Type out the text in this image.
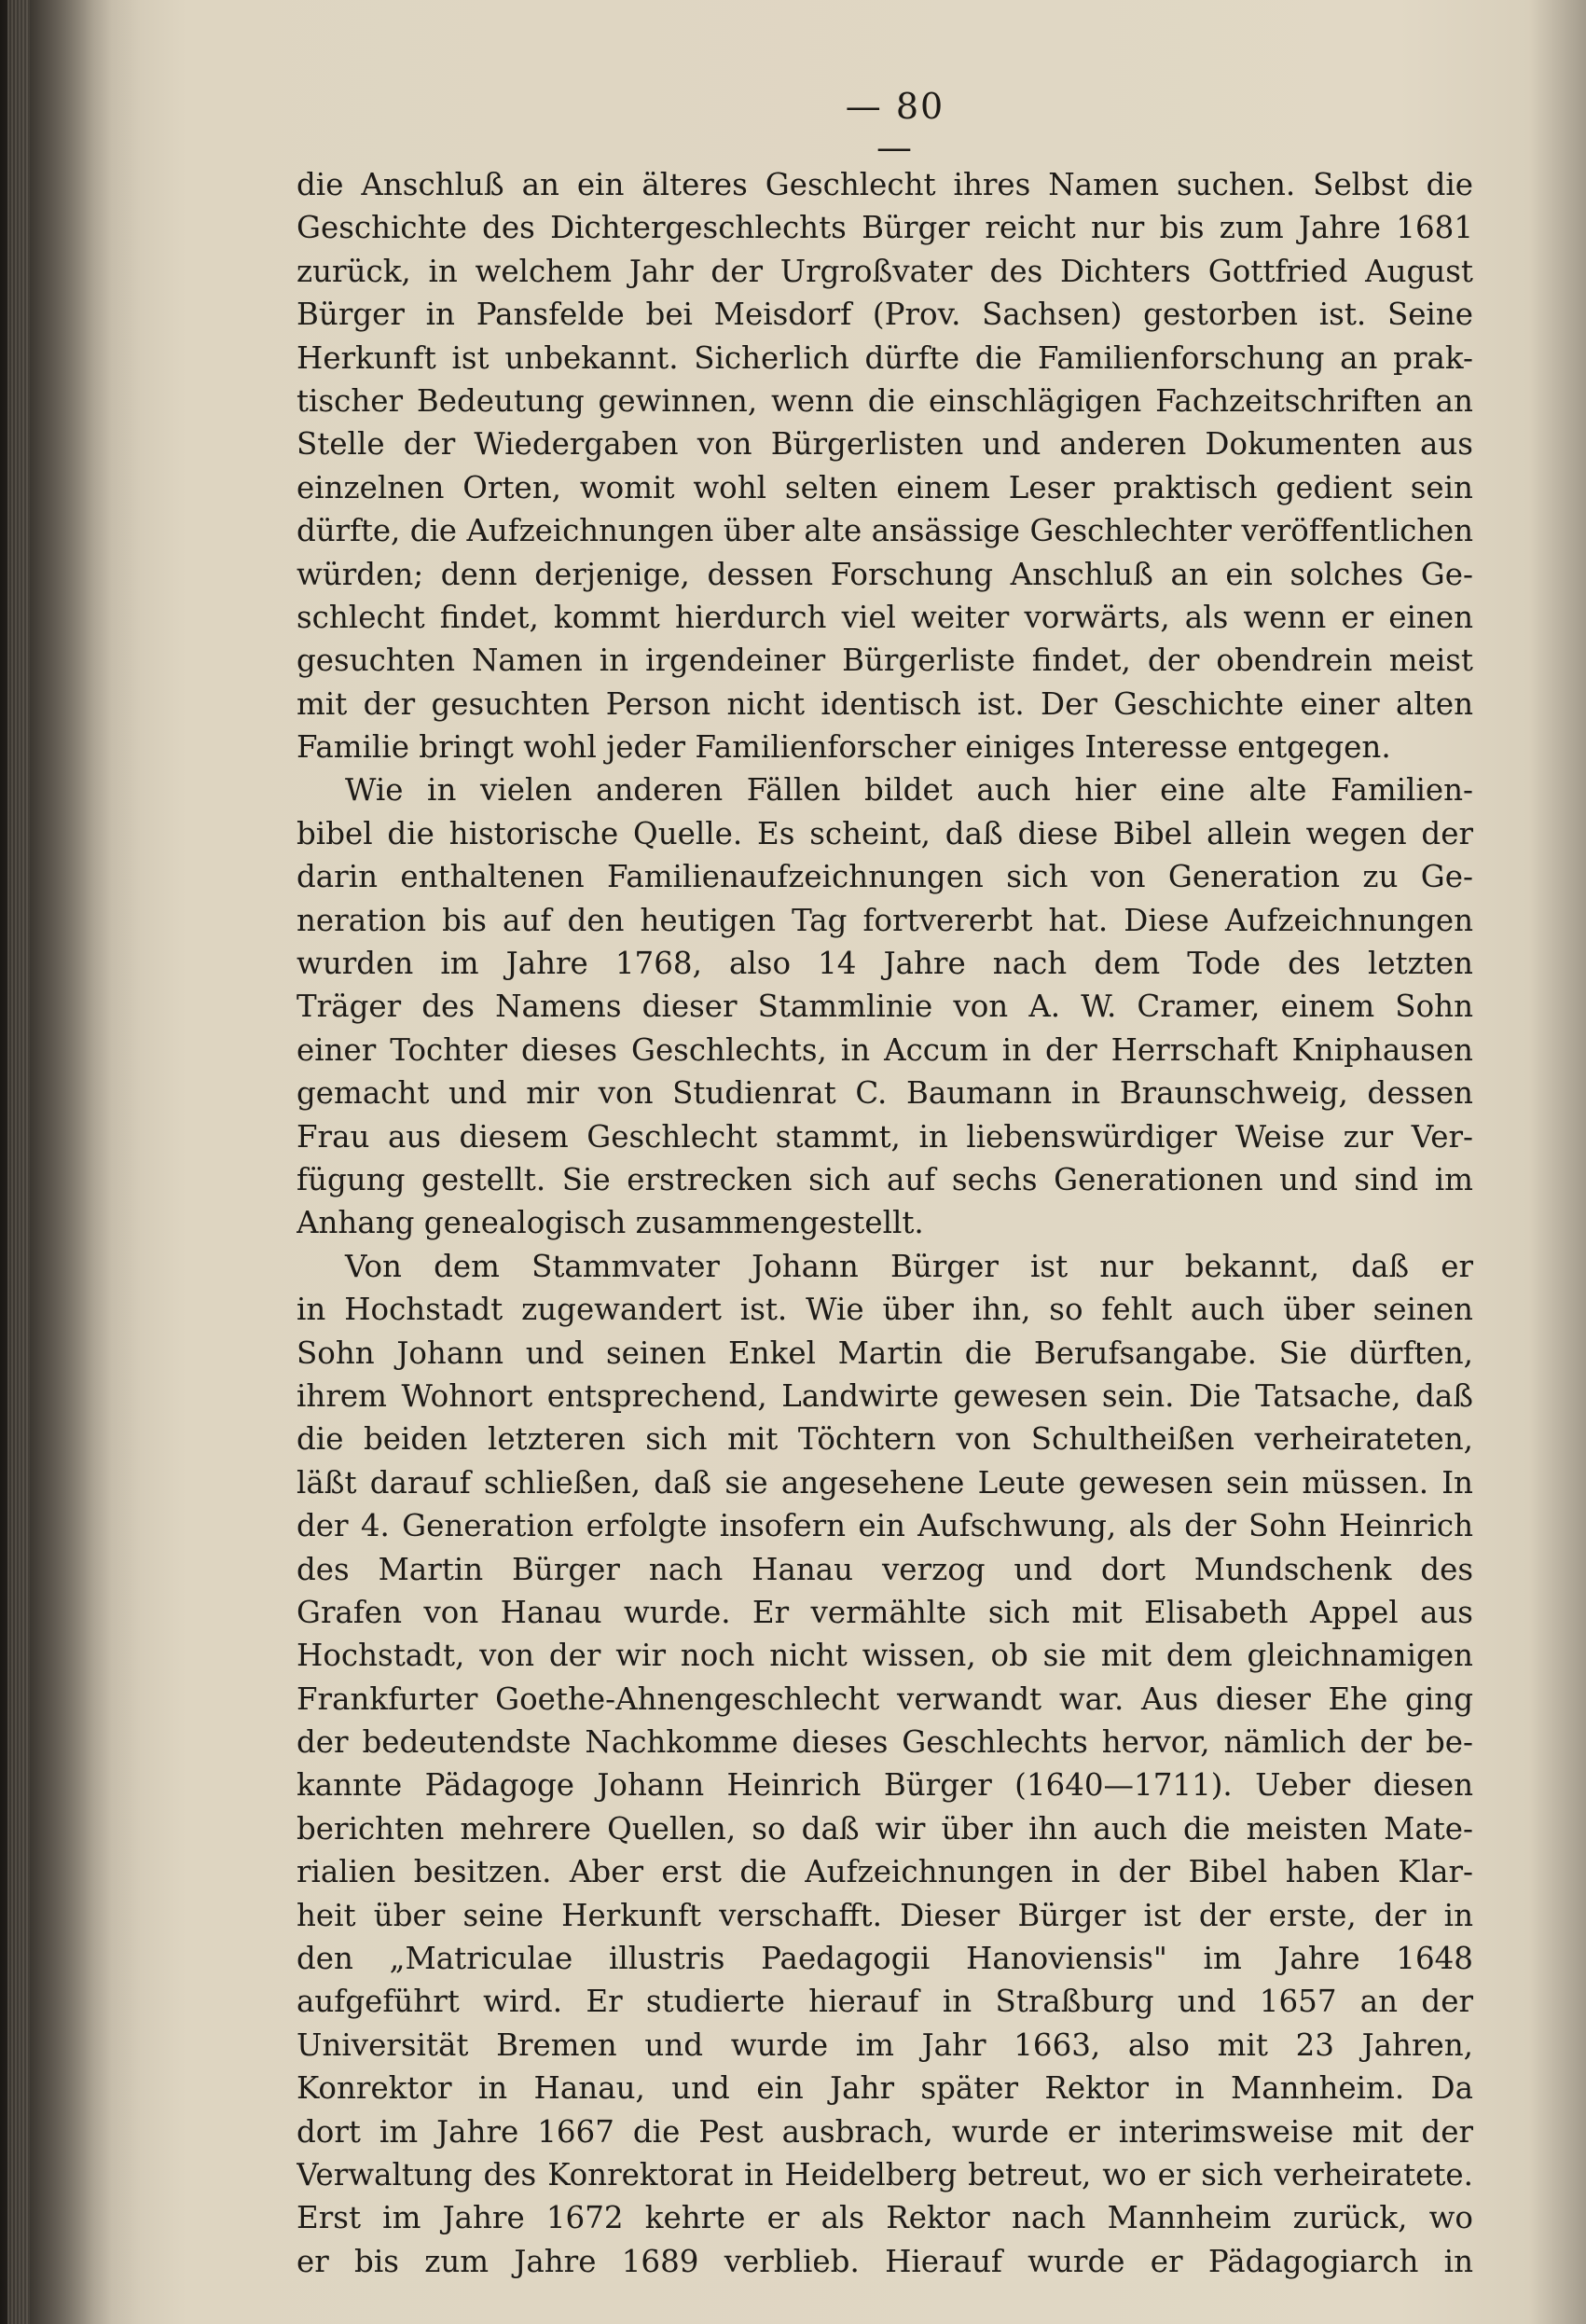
— 80 —
die Anschluß an ein älteres Geschlecht ihres Namen suchen. Selbst die
Geschichte des Dichtergeschlechts Bürger reicht nur bis zum Jahre 1681
zurück, in welchem Jahr der Urgroßvater des Dichters Gottfried August
Bürger in Pansfelde bei Meisdorf (Prov. Sachsen) gestorben ist. Seine
Herkunft ist unbekannt. Sicherlich dürfte die Familienforschung an prak-
tischer Bedeutung gewinnen, wenn die einschlägigen Fachzeitschriften an
Stelle der Wiedergaben von Bürgerlisten und anderen Dokumenten aus
einzelnen Orten, womit wohl selten einem Leser praktisch gedient sein
dürfte, die Aufzeichnungen über alte ansässige Geschlechter veröffentlichen
würden; denn derjenige, dessen Forschung Anschluß an ein solches Ge-
schlecht findet, kommt hierdurch viel weiter vorwärts, als wenn er einen
gesuchten Namen in irgendeiner Bürgerliste findet, der obendrein meist
mit der gesuchten Person nicht identisch ist. Der Geschichte einer alten
Familie bringt wohl jeder Familienforscher einiges Interesse entgegen.
Wie in vielen anderen Fällen bildet auch hier eine alte Familien-
bibel die historische Quelle. Es scheint, daß diese Bibel allein wegen der
darin enthaltenen Familienaufzeichnungen sich von Generation zu Ge-
neration bis auf den heutigen Tag fortvererbt hat. Diese Aufzeichnungen
wurden im Jahre 1768, also 14 Jahre nach dem Tode des letzten
Träger des Namens dieser Stammlinie von A. W. Cramer, einem Sohn
einer Tochter dieses Geschlechts, in Accum in der Herrschaft Kniphausen
gemacht und mir von Studienrat C. Baumann in Braunschweig, dessen
Frau aus diesem Geschlecht stammt, in liebenswürdiger Weise zur Ver-
fügung gestellt. Sie erstrecken sich auf sechs Generationen und sind im
Anhang genealogisch zusammengestellt.
Von dem Stammvater Johann Bürger ist nur bekannt, daß er
in Hochstadt zugewandert ist. Wie über ihn, so fehlt auch über seinen
Sohn Johann und seinen Enkel Martin die Berufsangabe. Sie dürften,
ihrem Wohnort entsprechend, Landwirte gewesen sein. Die Tatsache, daß
die beiden letzteren sich mit Töchtern von Schultheißen verheirateten,
läßt darauf schließen, daß sie angesehene Leute gewesen sein müssen. In
der 4. Generation erfolgte insofern ein Aufschwung, als der Sohn Heinrich
des Martin Bürger nach Hanau verzog und dort Mundschenk des
Grafen von Hanau wurde. Er vermählte sich mit Elisabeth Appel aus
Hochstadt, von der wir noch nicht wissen, ob sie mit dem gleichnamigen
Frankfurter Goethe-Ahnengeschlecht verwandt war. Aus dieser Ehe ging
der bedeutendste Nachkomme dieses Geschlechts hervor, nämlich der be-
kannte Pädagoge Johann Heinrich Bürger (1640—1711). Ueber diesen
berichten mehrere Quellen, so daß wir über ihn auch die meisten Mate-
rialien besitzen. Aber erst die Aufzeichnungen in der Bibel haben Klar-
heit über seine Herkunft verschafft. Dieser Bürger ist der erste, der in
den „Matriculae illustris Paedagogii Hanoviensis" im Jahre 1648
aufgeführt wird. Er studierte hierauf in Straßburg und 1657 an der
Universität Bremen und wurde im Jahr 1663, also mit 23 Jahren,
Konrektor in Hanau, und ein Jahr später Rektor in Mannheim. Da
dort im Jahre 1667 die Pest ausbrach, wurde er interimsweise mit der
Verwaltung des Konrektorat in Heidelberg betreut, wo er sich verheiratete.
Erst im Jahre 1672 kehrte er als Rektor nach Mannheim zurück, wo
er bis zum Jahre 1689 verblieb. Hierauf wurde er Pädagogiarch in
